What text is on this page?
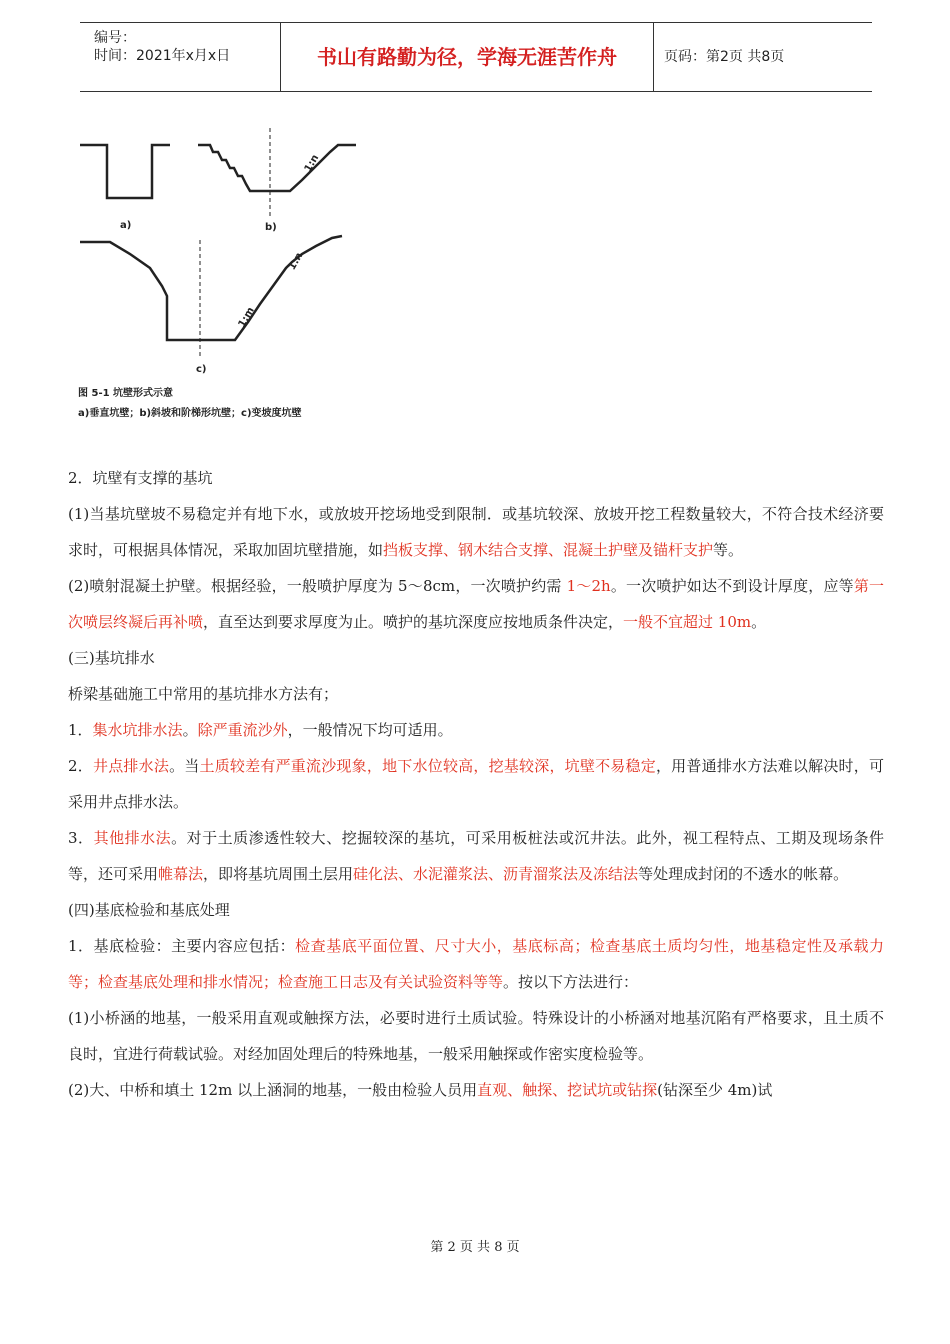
编号：
时间：2021年x月x日	书山有路勤为径，学海无涯苦作舟	页码：第2页 共8页
a)	b)
c)
1:n
1:n
1:m
图 5-1 坑壁形式示意
a)垂直坑壁；b)斜坡和阶梯形坑壁；c)变坡度坑壁

2．坑壁有支撑的基坑

(1)当基坑壁坡不易稳定并有地下水，或放坡开挖场地受到限制．或基坑较深、放坡开挖工程数量较大，不符合技术经济要求时，可根据具体情况，采取加固坑壁措施，如挡板支撑、钢木结合支撑、混凝土护壁及锚杆支护等。

(2)喷射混凝土护壁。根据经验，一般喷护厚度为 5～8cm，一次喷护约需 1～2h。一次喷护如达不到设计厚度，应等第一次喷层终凝后再补喷，直至达到要求厚度为止。喷护的基坑深度应按地质条件决定，一般不宜超过 10m。

(三)基坑排水

桥梁基础施工中常用的基坑排水方法有；

1．集水坑排水法。除严重流沙外，一般情况下均可适用。

2．井点排水法。当土质较差有严重流沙现象，地下水位较高，挖基较深，坑壁不易稳定，用普通排水方法难以解决时，可采用井点排水法。

3．其他排水法。对于土质渗透性较大、挖掘较深的基坑，可采用板桩法或沉井法。此外，视工程特点、工期及现场条件等，还可采用帷幕法，即将基坑周围土层用硅化法、水泥灌浆法、沥青溜浆法及冻结法等处理成封闭的不透水的帐幕。

(四)基底检验和基底处理

1．基底检验：主要内容应包括：检查基底平面位置、尺寸大小，基底标高；检查基底土质均匀性，地基稳定性及承载力等；检查基底处理和排水情况；检查施工日志及有关试验资料等等。按以下方法进行：

(1)小桥涵的地基，一般采用直观或触探方法，必要时进行土质试验。特殊设计的小桥涵对地基沉陷有严格要求，且土质不良时，宜进行荷载试验。对经加固处理后的特殊地基，一般采用触探或作密实度检验等。

(2)大、中桥和填土 12m 以上涵洞的地基，一般由检验人员用直观、触探、挖试坑或钻探(钻深至少 4m)试

第 2 页 共 8 页
